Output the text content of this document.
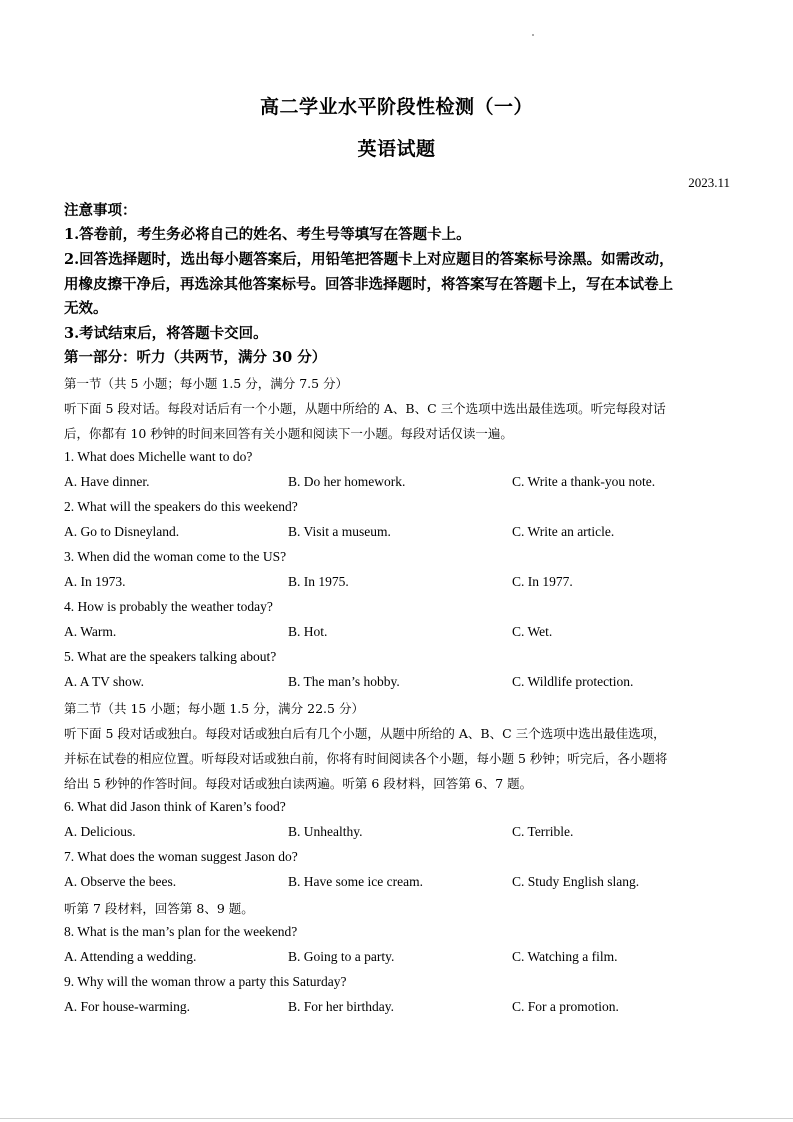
高二学业水平阶段性检测（一）
英语试题
2023.11
注意事项：
1.答卷前，考生务必将自己的姓名、考生号等填写在答题卡上。
2.回答选择题时，选出每小题答案后，用铅笔把答题卡上对应题目的答案标号涂黑。如需改动，
用橡皮擦干净后，再选涂其他答案标号。回答非选择题时，将答案写在答题卡上，写在本试卷上
无效。
3.考试结束后，将答题卡交回。
第一部分：听力（共两节，满分 30 分）
第一节（共 5 小题；每小题 1.5 分，满分 7.5 分）
听下面 5 段对话。每段对话后有一个小题，从题中所给的 A、B、C 三个选项中选出最佳选项。听完每段对话
后，你都有 10 秒钟的时间来回答有关小题和阅读下一小题。每段对话仅读一遍。
1. What does Michelle want to do?
A. Have dinner.	B. Do her homework.	C. Write a thank-you note.
2. What will the speakers do this weekend?
A. Go to Disneyland.	B. Visit a museum.	C. Write an article.
3. When did the woman come to the US?
A. In 1973.	B. In 1975.	C. In 1977.
4. How is probably the weather today?
A. Warm.	B. Hot.	C. Wet.
5. What are the speakers talking about?
A. A TV show.	B. The man’s hobby.	C. Wildlife protection.
第二节（共 15 小题；每小题 1.5 分，满分 22.5 分）
听下面 5 段对话或独白。每段对话或独白后有几个小题，从题中所给的 A、B、C 三个选项中选出最佳选项，
并标在试卷的相应位置。听每段对话或独白前，你将有时间阅读各个小题，每小题 5 秒钟；听完后，各小题将
给出 5 秒钟的作答时间。每段对话或独白读两遍。听第 6 段材料，回答第 6、7 题。
6. What did Jason think of Karen’s food?
A. Delicious.	B. Unhealthy.	C. Terrible.
7. What does the woman suggest Jason do?
A. Observe the bees.	B. Have some ice cream.	C. Study English slang.
听第 7 段材料，回答第 8、9 题。
8. What is the man’s plan for the weekend?
A. Attending a wedding.	B. Going to a party.	C. Watching a film.
9. Why will the woman throw a party this Saturday?
A. For house-warming.	B. For her birthday.	C. For a promotion.
